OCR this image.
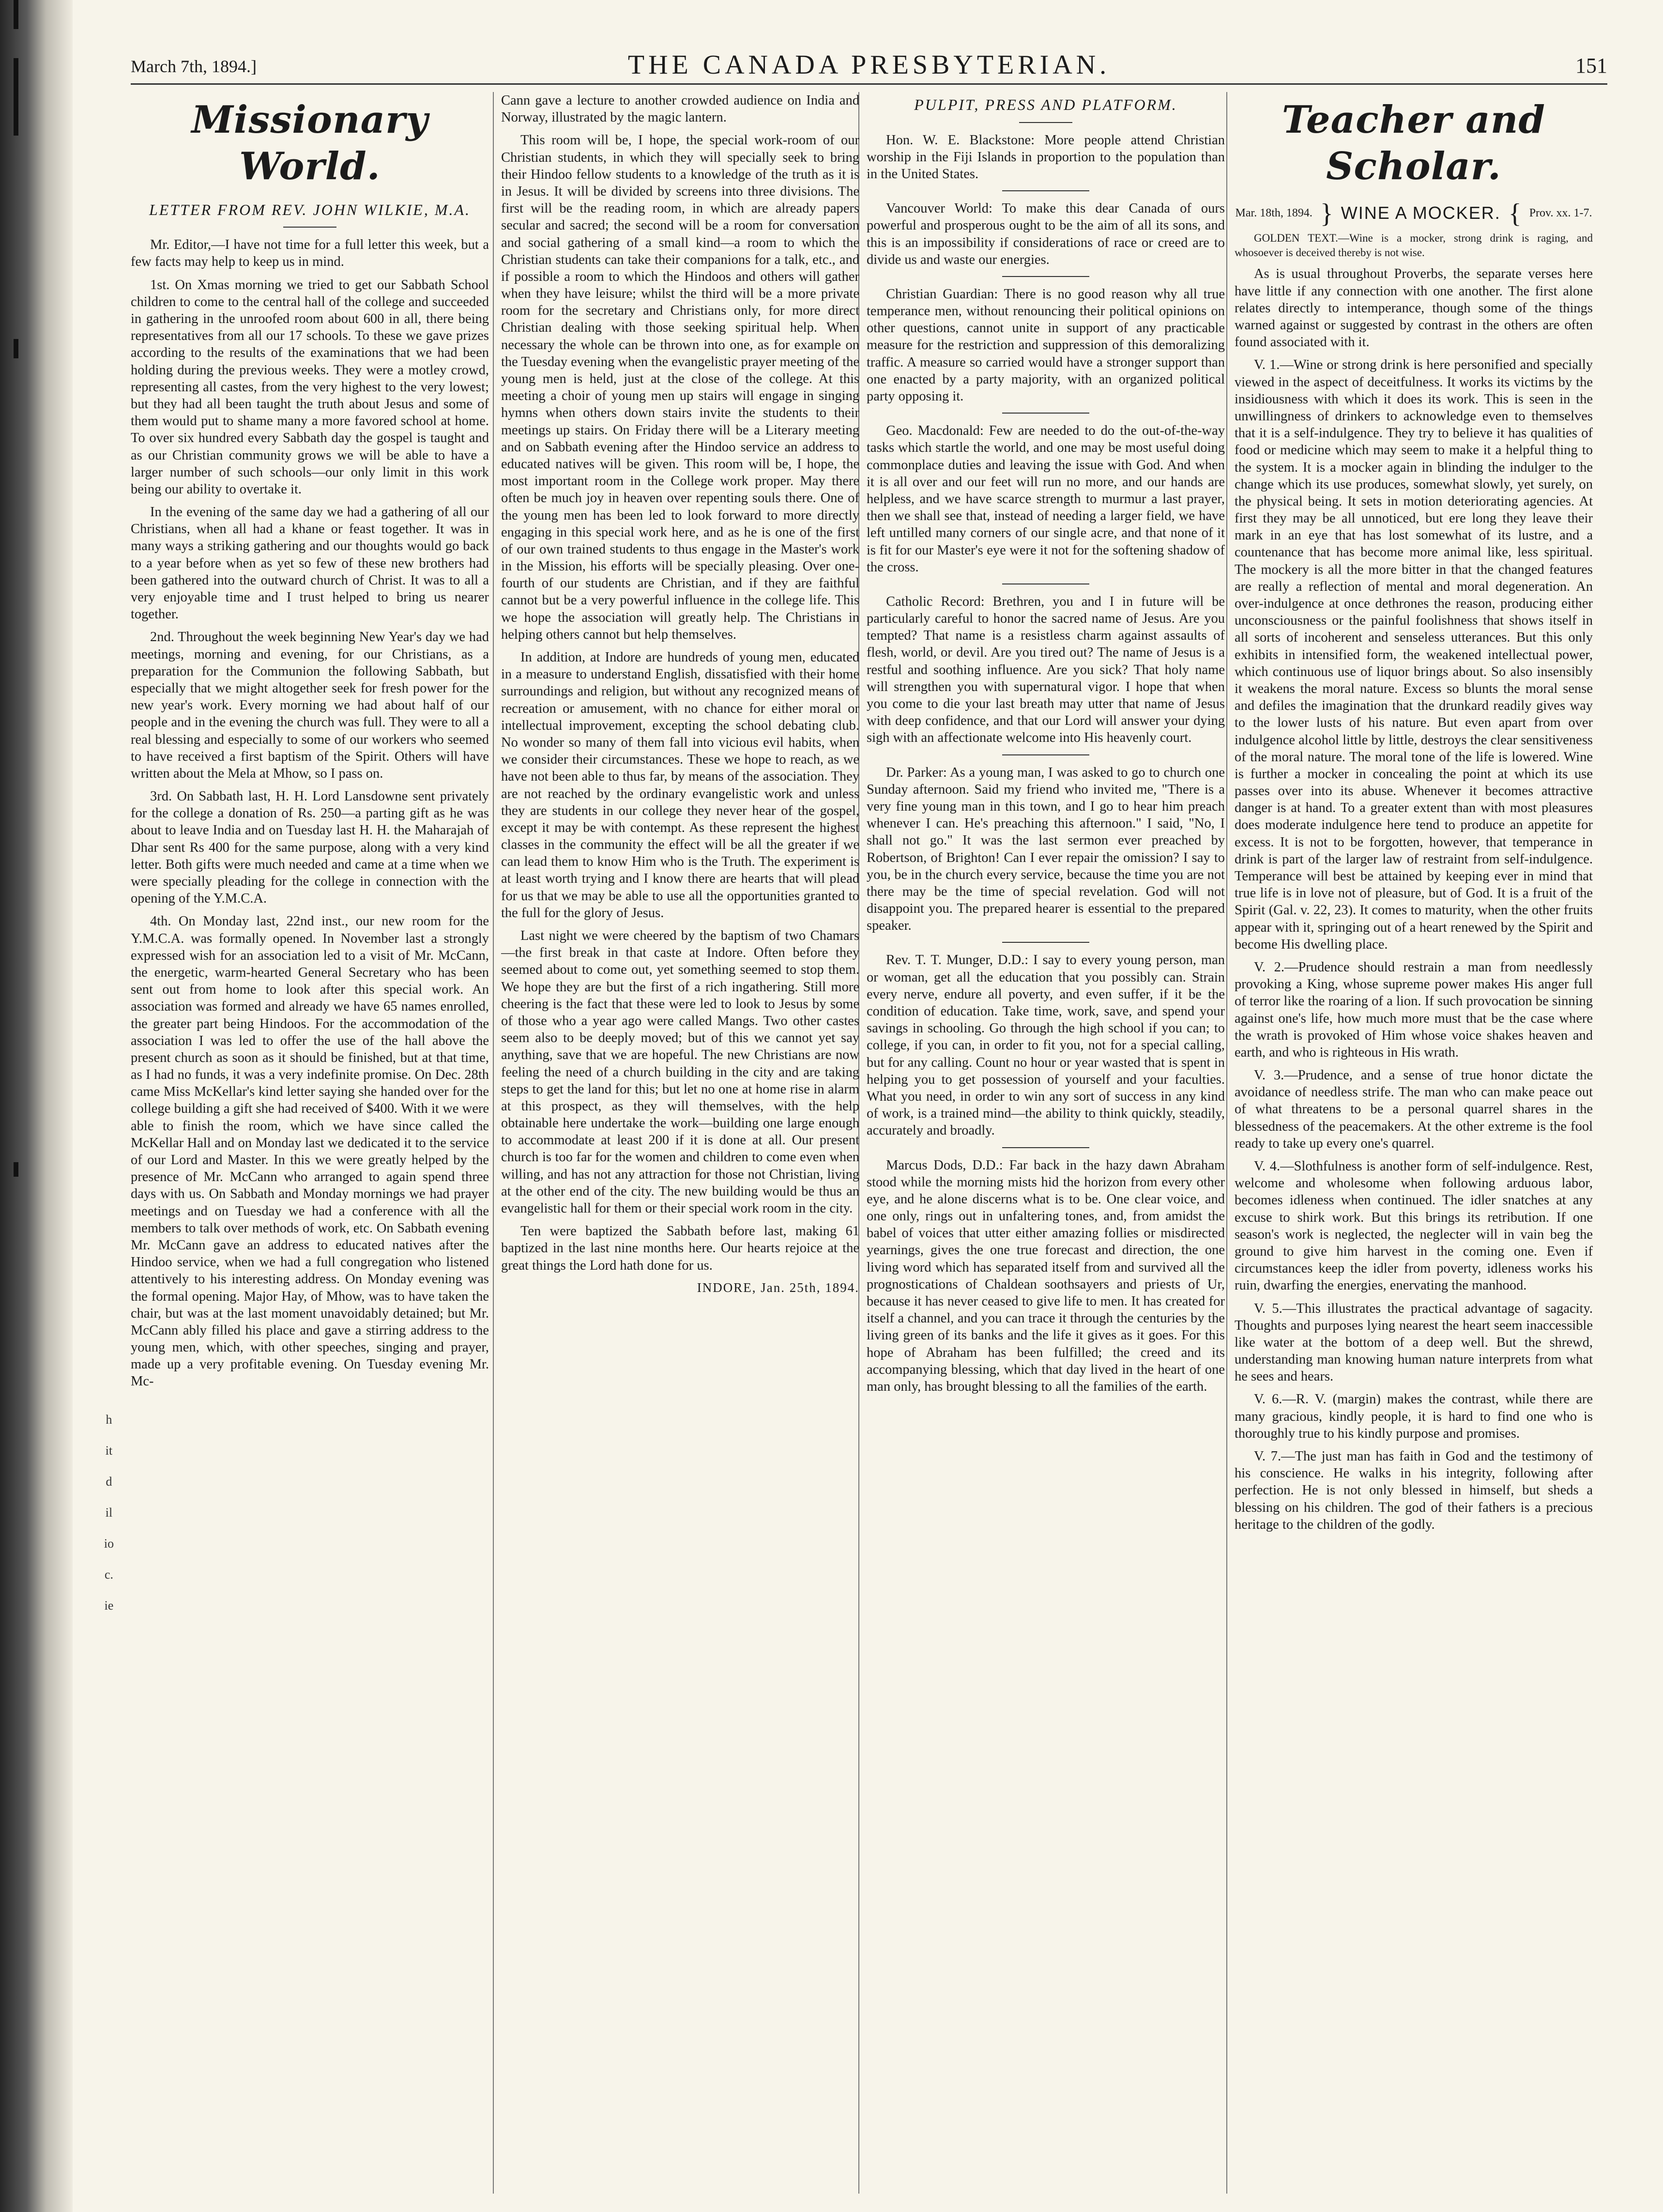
h
it
d
il
io
c.
ie
March 7th, 1894.]	THE CANADA PRESBYTERIAN.	151
Missionary World.
LETTER FROM REV. JOHN WILKIE, M.A.

Mr. Editor,—I have not time for a full letter this week, but a few facts may help to keep us in mind.

1st. On Xmas morning we tried to get our Sabbath School children to come to the central hall of the college and succeeded in gathering in the unroofed room about 600 in all, there being representatives from all our 17 schools. To these we gave prizes according to the results of the examinations that we had been holding during the previous weeks. They were a motley crowd, representing all castes, from the very highest to the very lowest; but they had all been taught the truth about Jesus and some of them would put to shame many a more favored school at home. To over six hundred every Sabbath day the gospel is taught and as our Christian community grows we will be able to have a larger number of such schools—our only limit in this work being our ability to overtake it.

In the evening of the same day we had a gathering of all our Christians, when all had a khane or feast together. It was in many ways a striking gathering and our thoughts would go back to a year before when as yet so few of these new brothers had been gathered into the outward church of Christ. It was to all a very enjoyable time and I trust helped to bring us nearer together.

2nd. Throughout the week beginning New Year's day we had meetings, morning and evening, for our Christians, as a preparation for the Communion the following Sabbath, but especially that we might altogether seek for fresh power for the new year's work. Every morning we had about half of our people and in the evening the church was full. They were to all a real blessing and especially to some of our workers who seemed to have received a first baptism of the Spirit. Others will have written about the Mela at Mhow, so I pass on.

3rd. On Sabbath last, H. H. Lord Lansdowne sent privately for the college a donation of Rs. 250—a parting gift as he was about to leave India and on Tuesday last H. H. the Maharajah of Dhar sent Rs 400 for the same purpose, along with a very kind letter. Both gifts were much needed and came at a time when we were specially pleading for the college in connection with the opening of the Y.M.C.A.

4th. On Monday last, 22nd inst., our new room for the Y.M.C.A. was formally opened. In November last a strongly expressed wish for an association led to a visit of Mr. McCann, the energetic, warm-hearted General Secretary who has been sent out from home to look after this special work. An association was formed and already we have 65 names enrolled, the greater part being Hindoos. For the accommodation of the association I was led to offer the use of the hall above the present church as soon as it should be finished, but at that time, as I had no funds, it was a very indefinite promise. On Dec. 28th came Miss McKellar's kind letter saying she handed over for the college building a gift she had received of $400. With it we were able to finish the room, which we have since called the McKellar Hall and on Monday last we dedicated it to the service of our Lord and Master. In this we were greatly helped by the presence of Mr. McCann who arranged to again spend three days with us. On Sabbath and Monday mornings we had prayer meetings and on Tuesday we had a conference with all the members to talk over methods of work, etc. On Sabbath evening Mr. McCann gave an address to educated natives after the Hindoo service, when we had a full congregation who listened attentively to his interesting address. On Monday evening was the formal opening. Major Hay, of Mhow, was to have taken the chair, but was at the last moment unavoidably detained; but Mr. McCann ably filled his place and gave a stirring address to the young men, which, with other speeches, singing and prayer, made up a very profitable evening. On Tuesday evening Mr. Mc-

Cann gave a lecture to another crowded audience on India and Norway, illustrated by the magic lantern.

This room will be, I hope, the special work-room of our Christian students, in which they will specially seek to bring their Hindoo fellow students to a knowledge of the truth as it is in Jesus. It will be divided by screens into three divisions. The first will be the reading room, in which are already papers secular and sacred; the second will be a room for conversation and social gathering of a small kind—a room to which the Christian students can take their companions for a talk, etc., and if possible a room to which the Hindoos and others will gather when they have leisure; whilst the third will be a more private room for the secretary and Christians only, for more direct Christian dealing with those seeking spiritual help. When necessary the whole can be thrown into one, as for example on the Tuesday evening when the evangelistic prayer meeting of the young men is held, just at the close of the college. At this meeting a choir of young men up stairs will engage in singing hymns when others down stairs invite the students to their meetings up stairs. On Friday there will be a Literary meeting and on Sabbath evening after the Hindoo service an address to educated natives will be given. This room will be, I hope, the most important room in the College work proper. May there often be much joy in heaven over repenting souls there. One of the young men has been led to look forward to more directly engaging in this special work here, and as he is one of the first of our own trained students to thus engage in the Master's work in the Mission, his efforts will be specially pleasing. Over one-fourth of our students are Christian, and if they are faithful cannot but be a very powerful influence in the college life. This we hope the association will greatly help. The Christians in helping others cannot but help themselves.

In addition, at Indore are hundreds of young men, educated in a measure to understand English, dissatisfied with their home surroundings and religion, but without any recognized means of recreation or amusement, with no chance for either moral or intellectual improvement, excepting the school debating club. No wonder so many of them fall into vicious evil habits, when we consider their circumstances. These we hope to reach, as we have not been able to thus far, by means of the association. They are not reached by the ordinary evangelistic work and unless they are students in our college they never hear of the gospel, except it may be with contempt. As these represent the highest classes in the community the effect will be all the greater if we can lead them to know Him who is the Truth. The experiment is at least worth trying and I know there are hearts that will plead for us that we may be able to use all the opportunities granted to the full for the glory of Jesus.

Last night we were cheered by the baptism of two Chamars—the first break in that caste at Indore. Often before they seemed about to come out, yet something seemed to stop them. We hope they are but the first of a rich ingathering. Still more cheering is the fact that these were led to look to Jesus by some of those who a year ago were called Mangs. Two other castes seem also to be deeply moved; but of this we cannot yet say anything, save that we are hopeful. The new Christians are now feeling the need of a church building in the city and are taking steps to get the land for this; but let no one at home rise in alarm at this prospect, as they will themselves, with the help obtainable here undertake the work—building one large enough to accommodate at least 200 if it is done at all. Our present church is too far for the women and children to come even when willing, and has not any attraction for those not Christian, living at the other end of the city. The new building would be thus an evangelistic hall for them or their special work room in the city.

Ten were baptized the Sabbath before last, making 61 baptized in the last nine months here. Our hearts rejoice at the great things the Lord hath done for us.

INDORE, Jan. 25th, 1894.
PULPIT, PRESS AND PLATFORM.

Hon. W. E. Blackstone: More people attend Christian worship in the Fiji Islands in proportion to the population than in the United States.

Vancouver World: To make this dear Canada of ours powerful and prosperous ought to be the aim of all its sons, and this is an impossibility if considerations of race or creed are to divide us and waste our energies.

Christian Guardian: There is no good reason why all true temperance men, without renouncing their political opinions on other questions, cannot unite in support of any practicable measure for the restriction and suppression of this demoralizing traffic. A measure so carried would have a stronger support than one enacted by a party majority, with an organized political party opposing it.

Geo. Macdonald: Few are needed to do the out-of-the-way tasks which startle the world, and one may be most useful doing commonplace duties and leaving the issue with God. And when it is all over and our feet will run no more, and our hands are helpless, and we have scarce strength to murmur a last prayer, then we shall see that, instead of needing a larger field, we have left untilled many corners of our single acre, and that none of it is fit for our Master's eye were it not for the softening shadow of the cross.

Catholic Record: Brethren, you and I in future will be particularly careful to honor the sacred name of Jesus. Are you tempted? That name is a resistless charm against assaults of flesh, world, or devil. Are you tired out? The name of Jesus is a restful and soothing influence. Are you sick? That holy name will strengthen you with supernatural vigor. I hope that when you come to die your last breath may utter that name of Jesus with deep confidence, and that our Lord will answer your dying sigh with an affectionate welcome into His heavenly court.

Dr. Parker: As a young man, I was asked to go to church one Sunday afternoon. Said my friend who invited me, "There is a very fine young man in this town, and I go to hear him preach whenever I can. He's preaching this afternoon." I said, "No, I shall not go." It was the last sermon ever preached by Robertson, of Brighton! Can I ever repair the omission? I say to you, be in the church every service, because the time you are not there may be the time of special revelation. God will not disappoint you. The prepared hearer is essential to the prepared speaker.

Rev. T. T. Munger, D.D.: I say to every young person, man or woman, get all the education that you possibly can. Strain every nerve, endure all poverty, and even suffer, if it be the condition of education. Take time, work, save, and spend your savings in schooling. Go through the high school if you can; to college, if you can, in order to fit you, not for a special calling, but for any calling. Count no hour or year wasted that is spent in helping you to get possession of yourself and your faculties. What you need, in order to win any sort of success in any kind of work, is a trained mind—the ability to think quickly, steadily, accurately and broadly.

Marcus Dods, D.D.: Far back in the hazy dawn Abraham stood while the morning mists hid the horizon from every other eye, and he alone discerns what is to be. One clear voice, and one only, rings out in unfaltering tones, and, from amidst the babel of voices that utter either amazing follies or misdirected yearnings, gives the one true forecast and direction, the one living word which has separated itself from and survived all the prognostications of Chaldean soothsayers and priests of Ur, because it has never ceased to give life to men. It has created for itself a channel, and you can trace it through the centuries by the living green of its banks and the life it gives as it goes. For this hope of Abraham has been fulfilled; the creed and its accompanying blessing, which that day lived in the heart of one man only, has brought blessing to all the families of the earth.

Teacher and Scholar.
Mar. 18th, 1894. } WINE A MOCKER. { Prov. xx. 1-7.

GOLDEN TEXT.—Wine is a mocker, strong drink is raging, and whosoever is deceived thereby is not wise.

As is usual throughout Proverbs, the separate verses here have little if any connection with one another. The first alone relates directly to intemperance, though some of the things warned against or suggested by contrast in the others are often found associated with it.

V. 1.—Wine or strong drink is here personified and specially viewed in the aspect of deceitfulness. It works its victims by the insidiousness with which it does its work. This is seen in the unwillingness of drinkers to acknowledge even to themselves that it is a self-indulgence. They try to believe it has qualities of food or medicine which may seem to make it a helpful thing to the system. It is a mocker again in blinding the indulger to the change which its use produces, somewhat slowly, yet surely, on the physical being. It sets in motion deteriorating agencies. At first they may be all unnoticed, but ere long they leave their mark in an eye that has lost somewhat of its lustre, and a countenance that has become more animal like, less spiritual. The mockery is all the more bitter in that the changed features are really a reflection of mental and moral degeneration. An over-indulgence at once dethrones the reason, producing either unconsciousness or the painful foolishness that shows itself in all sorts of incoherent and senseless utterances. But this only exhibits in intensified form, the weakened intellectual power, which continuous use of liquor brings about. So also insensibly it weakens the moral nature. Excess so blunts the moral sense and defiles the imagination that the drunkard readily gives way to the lower lusts of his nature. But even apart from over indulgence alcohol little by little, destroys the clear sensitiveness of the moral nature. The moral tone of the life is lowered. Wine is further a mocker in concealing the point at which its use passes over into its abuse. Whenever it becomes attractive danger is at hand. To a greater extent than with most pleasures does moderate indulgence here tend to produce an appetite for excess. It is not to be forgotten, however, that temperance in drink is part of the larger law of restraint from self-indulgence. Temperance will best be attained by keeping ever in mind that true life is in love not of pleasure, but of God. It is a fruit of the Spirit (Gal. v. 22, 23). It comes to maturity, when the other fruits appear with it, springing out of a heart renewed by the Spirit and become His dwelling place.

V. 2.—Prudence should restrain a man from needlessly provoking a King, whose supreme power makes His anger full of terror like the roaring of a lion. If such provocation be sinning against one's life, how much more must that be the case where the wrath is provoked of Him whose voice shakes heaven and earth, and who is righteous in His wrath.

V. 3.—Prudence, and a sense of true honor dictate the avoidance of needless strife. The man who can make peace out of what threatens to be a personal quarrel shares in the blessedness of the peacemakers. At the other extreme is the fool ready to take up every one's quarrel.

V. 4.—Slothfulness is another form of self-indulgence. Rest, welcome and wholesome when following arduous labor, becomes idleness when continued. The idler snatches at any excuse to shirk work. But this brings its retribution. If one season's work is neglected, the neglecter will in vain beg the ground to give him harvest in the coming one. Even if circumstances keep the idler from poverty, idleness works his ruin, dwarfing the energies, enervating the manhood.

V. 5.—This illustrates the practical advantage of sagacity. Thoughts and purposes lying nearest the heart seem inaccessible like water at the bottom of a deep well. But the shrewd, understanding man knowing human nature interprets from what he sees and hears.

V. 6.—R. V. (margin) makes the contrast, while there are many gracious, kindly people, it is hard to find one who is thoroughly true to his kindly purpose and promises.

V. 7.—The just man has faith in God and the testimony of his conscience. He walks in his integrity, following after perfection. He is not only blessed in himself, but sheds a blessing on his children. The god of their fathers is a precious heritage to the children of the godly.
